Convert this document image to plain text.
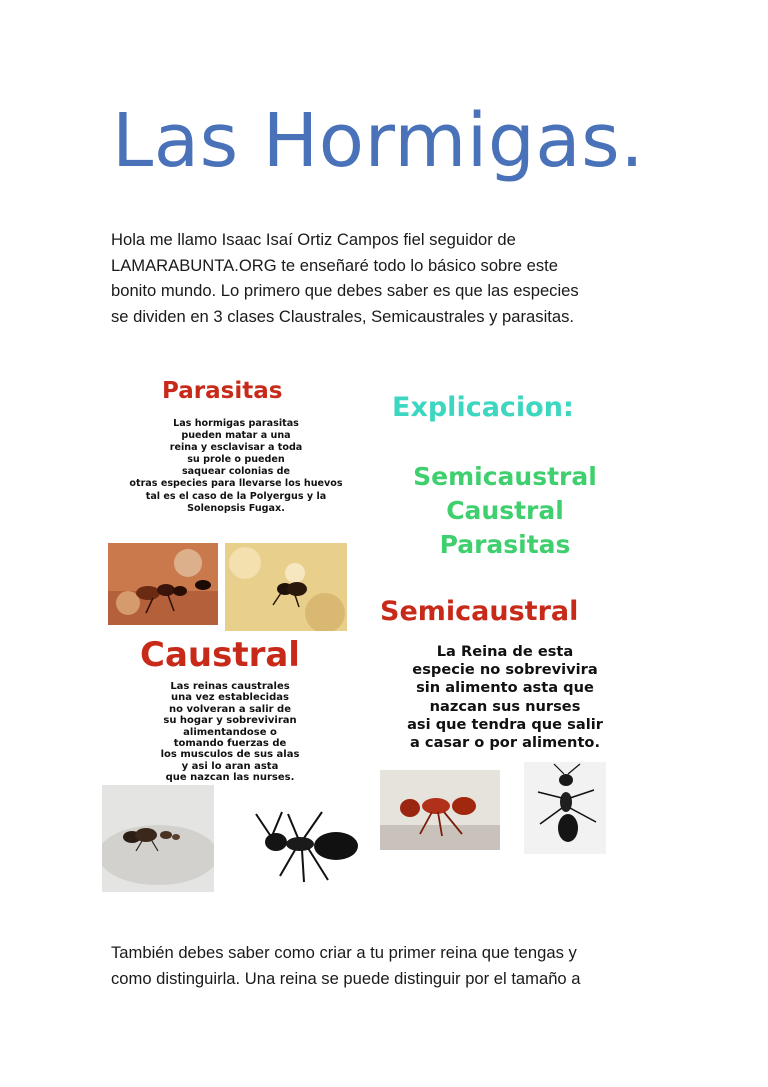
Las Hormigas.

Hola me llamo Isaac Isaí Ortiz Campos fiel seguidor de
LAMARABUNTA.ORG te enseñaré todo lo básico sobre este
bonito mundo. Lo primero que debes saber es que las especies
se dividen en 3 clases Claustrales, Semicaustrales y parasitas.

Parasitas
Las hormigas parasitas
pueden matar a una
reina y esclavisar a toda
su prole o pueden
saquear colonias de
otras especies para llevarse los huevos
tal es el caso de la Polyergus y la
Solenopsis Fugax.
Explicacion:
Semicaustral
Caustral
Parasitas
Semicaustral
La Reina de esta
especie no sobrevivira
sin alimento asta que
nazcan sus nurses
asi que tendra que salir
a casar o por alimento.
Caustral
Las reinas caustrales
una vez establecidas
no volveran a salir de
su hogar y sobreviviran
alimentandose o
tomando fuerzas de
los musculos de sus alas
y asi lo aran asta
que nazcan las nurses.

También debes saber como criar a tu primer reina que tengas y
como distinguirla. Una reina se puede distinguir por el tamaño a
